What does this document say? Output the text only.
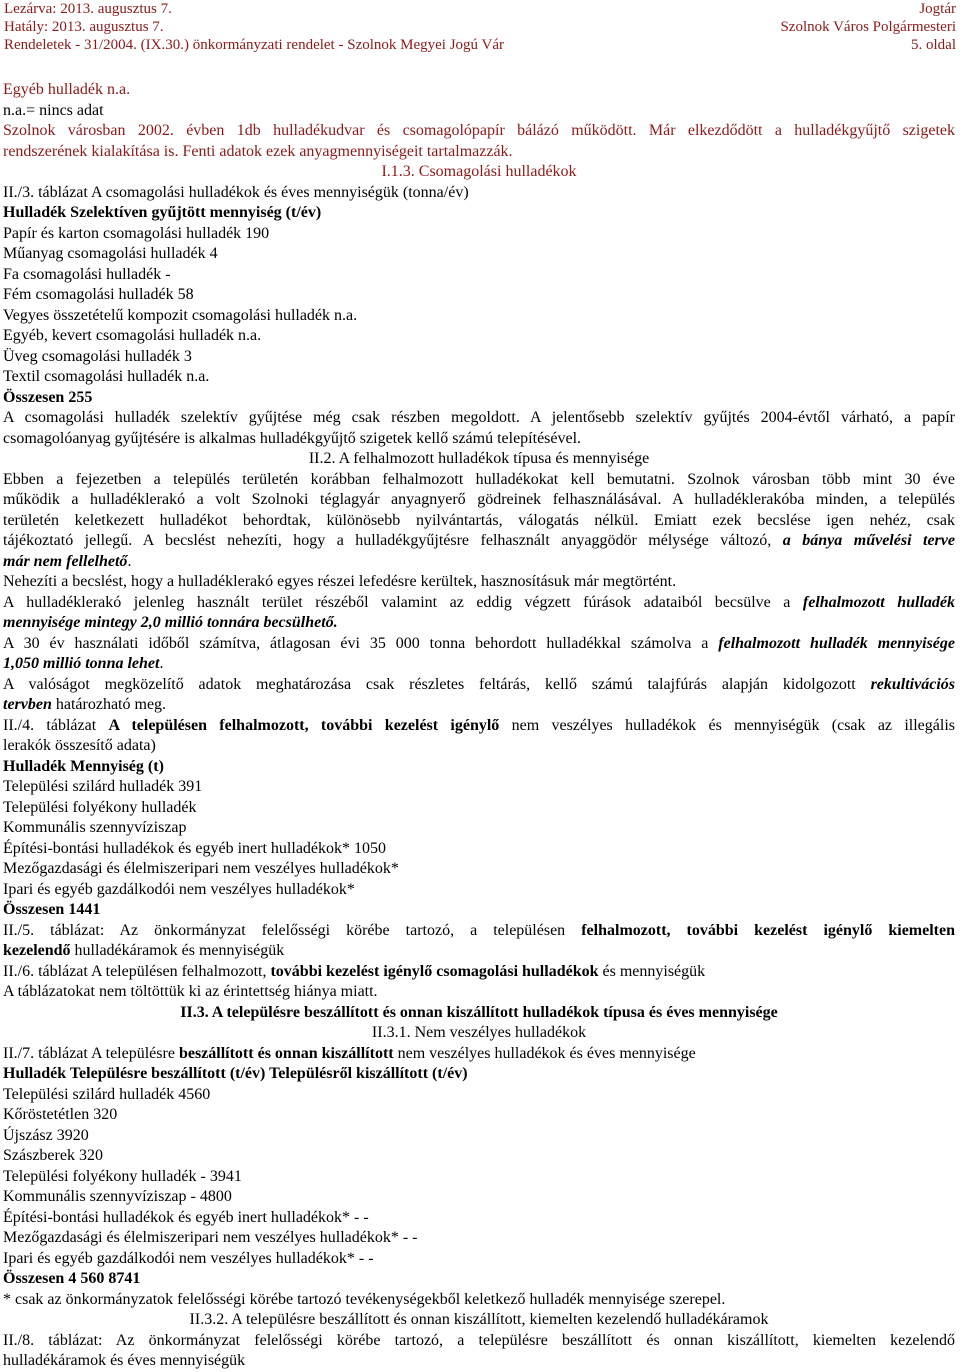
Lezárva: 2013. augusztus 7.
Hatály: 2013. augusztus 7.
Rendeletek - 31/2004. (IX.30.) önkormányzati rendelet - Szolnok Megyei Jogú Vár
Jogtár
Szolnok Város Polgármesteri
5. oldal
Egyéb hulladék n.a.
n.a.= nincs adat
Szolnok városban 2002. évben 1db hulladékudvar és csomagolópapír bálázó működött. Már elkezdődött a hulladékgyűjtő szigetek
rendszerének kialakítása is. Fenti adatok ezek anyagmennyiségeit tartalmazzák.
I.1.3. Csomagolási hulladékok
II./3. táblázat A csomagolási hulladékok és éves mennyiségük (tonna/év)
Hulladék Szelektíven gyűjtött mennyiség (t/év)
Papír és karton csomagolási hulladék 190
Műanyag csomagolási hulladék 4
Fa csomagolási hulladék -
Fém csomagolási hulladék 58
Vegyes összetételű kompozit csomagolási hulladék n.a.
Egyéb, kevert csomagolási hulladék n.a.
Üveg csomagolási hulladék 3
Textil csomagolási hulladék n.a.
Összesen 255
A csomagolási hulladék szelektív gyűjtése még csak részben megoldott. A jelentősebb szelektív gyűjtés 2004-évtől várható, a papír
csomagolóanyag gyűjtésére is alkalmas hulladékgyűjtő szigetek kellő számú telepítésével.
II.2. A felhalmozott hulladékok típusa és mennyisége
Ebben a fejezetben a település területén korábban felhalmozott hulladékokat kell bemutatni. Szolnok városban több mint 30 éve
működik a hulladéklerakó a volt Szolnoki téglagyár anyagnyerő gödreinek felhasználásával. A hulladéklerakóba minden, a település
területén keletkezett hulladékot behordtak, különösebb nyilvántartás, válogatás nélkül. Emiatt ezek becslése igen nehéz, csak
tájékoztató jellegű. A becslést nehezíti, hogy a hulladékgyűjtésre felhasznált anyaggödör mélysége változó, a bánya művelési terve
már nem fellelhető.
Nehezíti a becslést, hogy a hulladéklerakó egyes részei lefedésre kerültek, hasznosításuk már megtörtént.
A hulladéklerakó jelenleg használt terület részéből valamint az eddig végzett fúrások adataiból becsülve a felhalmozott hulladék
mennyisége mintegy 2,0 millió tonnára becsülhető.
A 30 év használati időből számítva, átlagosan évi 35 000 tonna behordott hulladékkal számolva a felhalmozott hulladék mennyisége
1,050 millió tonna lehet.
A valóságot megközelítő adatok meghatározása csak részletes feltárás, kellő számú talajfúrás alapján kidolgozott rekultivációs
tervben határozható meg.
II./4. táblázat A településen felhalmozott, további kezelést igénylő nem veszélyes hulladékok és mennyiségük (csak az illegális
lerakók összesítő adata)
Hulladék Mennyiség (t)
Települési szilárd hulladék 391
Települési folyékony hulladék
Kommunális szennyvíziszap
Építési-bontási hulladékok és egyéb inert hulladékok* 1050
Mezőgazdasági és élelmiszeripari nem veszélyes hulladékok*
Ipari és egyéb gazdálkodói nem veszélyes hulladékok*
Összesen 1441
II./5. táblázat: Az önkormányzat felelősségi körébe tartozó, a településen felhalmozott, további kezelést igénylő kiemelten
kezelendő hulladékáramok és mennyiségük
II./6. táblázat A településen felhalmozott, további kezelést igénylő csomagolási hulladékok és mennyiségük
A táblázatokat nem töltöttük ki az érintettség hiánya miatt.
II.3. A településre beszállított és onnan kiszállított hulladékok típusa és éves mennyisége
II.3.1. Nem veszélyes hulladékok
II./7. táblázat A településre beszállított és onnan kiszállított nem veszélyes hulladékok és éves mennyisége
Hulladék Településre beszállított (t/év) Településről kiszállított (t/év)
Települési szilárd hulladék 4560
Kőröstetétlen 320
Újszász 3920
Szászberek 320
Települési folyékony hulladék - 3941
Kommunális szennyvíziszap - 4800
Építési-bontási hulladékok és egyéb inert hulladékok* - -
Mezőgazdasági és élelmiszeripari nem veszélyes hulladékok* - -
Ipari és egyéb gazdálkodói nem veszélyes hulladékok* - -
Összesen 4 560 8741
* csak az önkormányzatok felelősségi körébe tartozó tevékenységekből keletkező hulladék mennyisége szerepel.
II.3.2. A településre beszállított és onnan kiszállított, kiemelten kezelendő hulladékáramok
II./8. táblázat: Az önkormányzat felelősségi körébe tartozó, a településre beszállított és onnan kiszállított, kiemelten kezelendő
hulladékáramok és éves mennyiségük
